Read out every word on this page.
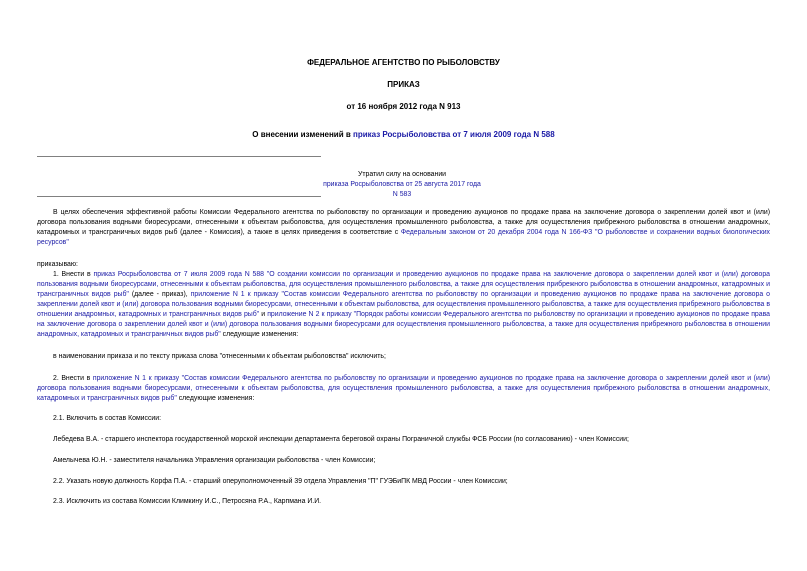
ФЕДЕРАЛЬНОЕ АГЕНТСТВО ПО РЫБОЛОВСТВУ
ПРИКАЗ
от 16 ноября 2012 года N 913
О внесении изменений в приказ Росрыболовства от 7 июля 2009 года N 588
Утратил силу на основании
приказа Росрыболовства от 25 августа 2017 года N 583
В целях обеспечения эффективной работы Комиссии Федерального агентства по рыболовству по организации и проведению аукционов по продаже права на заключение договора о закреплении долей квот и (или) договора пользования водными биоресурсами, отнесенными к объектам рыболовства, для осуществления промышленного рыболовства, а также для осуществления прибрежного рыболовства в отношении анадромных, катадромных и трансграничных видов рыб (далее - Комиссия), а также в целях приведения в соответствие с Федеральным законом от 20 декабря 2004 года N 166-ФЗ "О рыболовстве и сохранении водных биологических ресурсов"
приказываю:
1. Внести в приказ Росрыболовства от 7 июля 2009 года N 588 "О создании комиссии по организации и проведению аукционов по продаже права на заключение договора о закреплении долей квот и (или) договора пользования водными биоресурсами, отнесенными к объектам рыболовства, для осуществления промышленного рыболовства, а также для осуществления прибрежного рыболовства в отношении анадромных, катадромных и трансграничных видов рыб" (далее - приказ), приложение N 1 к приказу "Состав комиссии Федерального агентства по рыболовству по организации и проведению аукционов по продаже права на заключение договора о закреплении долей квот и (или) договора пользования водными биоресурсами, отнесенными к объектам рыболовства, для осуществления промышленного рыболовства, а также для осуществления прибрежного рыболовства в отношении анадромных, катадромных и трансграничных видов рыб" и приложение N 2 к приказу "Порядок работы комиссии Федерального агентства по рыболовству по организации и проведению аукционов по продаже права на заключение договора о закреплении долей квот и (или) договора пользования водными биоресурсами для осуществления промышленного рыболовства, а также для осуществления прибрежного рыболовства в отношении анадромных, катадромных и трансграничных видов рыб" следующие изменения:
в наименовании приказа и по тексту приказа слова "отнесенными к объектам рыболовства" исключить;
2. Внести в приложение N 1 к приказу "Состав комиссии Федерального агентства по рыболовству по организации и проведению аукционов по продаже права на заключение договора о закреплении долей квот и (или) договора пользования водными биоресурсами, отнесенными к объектам рыболовства, для осуществления промышленного рыболовства, а также для осуществления прибрежного рыболовства в отношении анадромных, катадромных и трансграничных видов рыб" следующие изменения:
2.1. Включить в состав Комиссии:
Лебедева В.А. - старшего инспектора государственной морской инспекции департамента береговой охраны Пограничной службы ФСБ России (по согласованию) - член Комиссии;
Амелычева Ю.Н. - заместителя начальника Управления организации рыболовства - член Комиссии;
2.2. Указать новую должность Корфа П.А. - старший оперуполномоченный 39 отдела Управления "П" ГУЭБиПК МВД России - член Комиссии;
2.3. Исключить из состава Комиссии Климкину И.С., Петросяна Р.А., Карпмана И.И.
